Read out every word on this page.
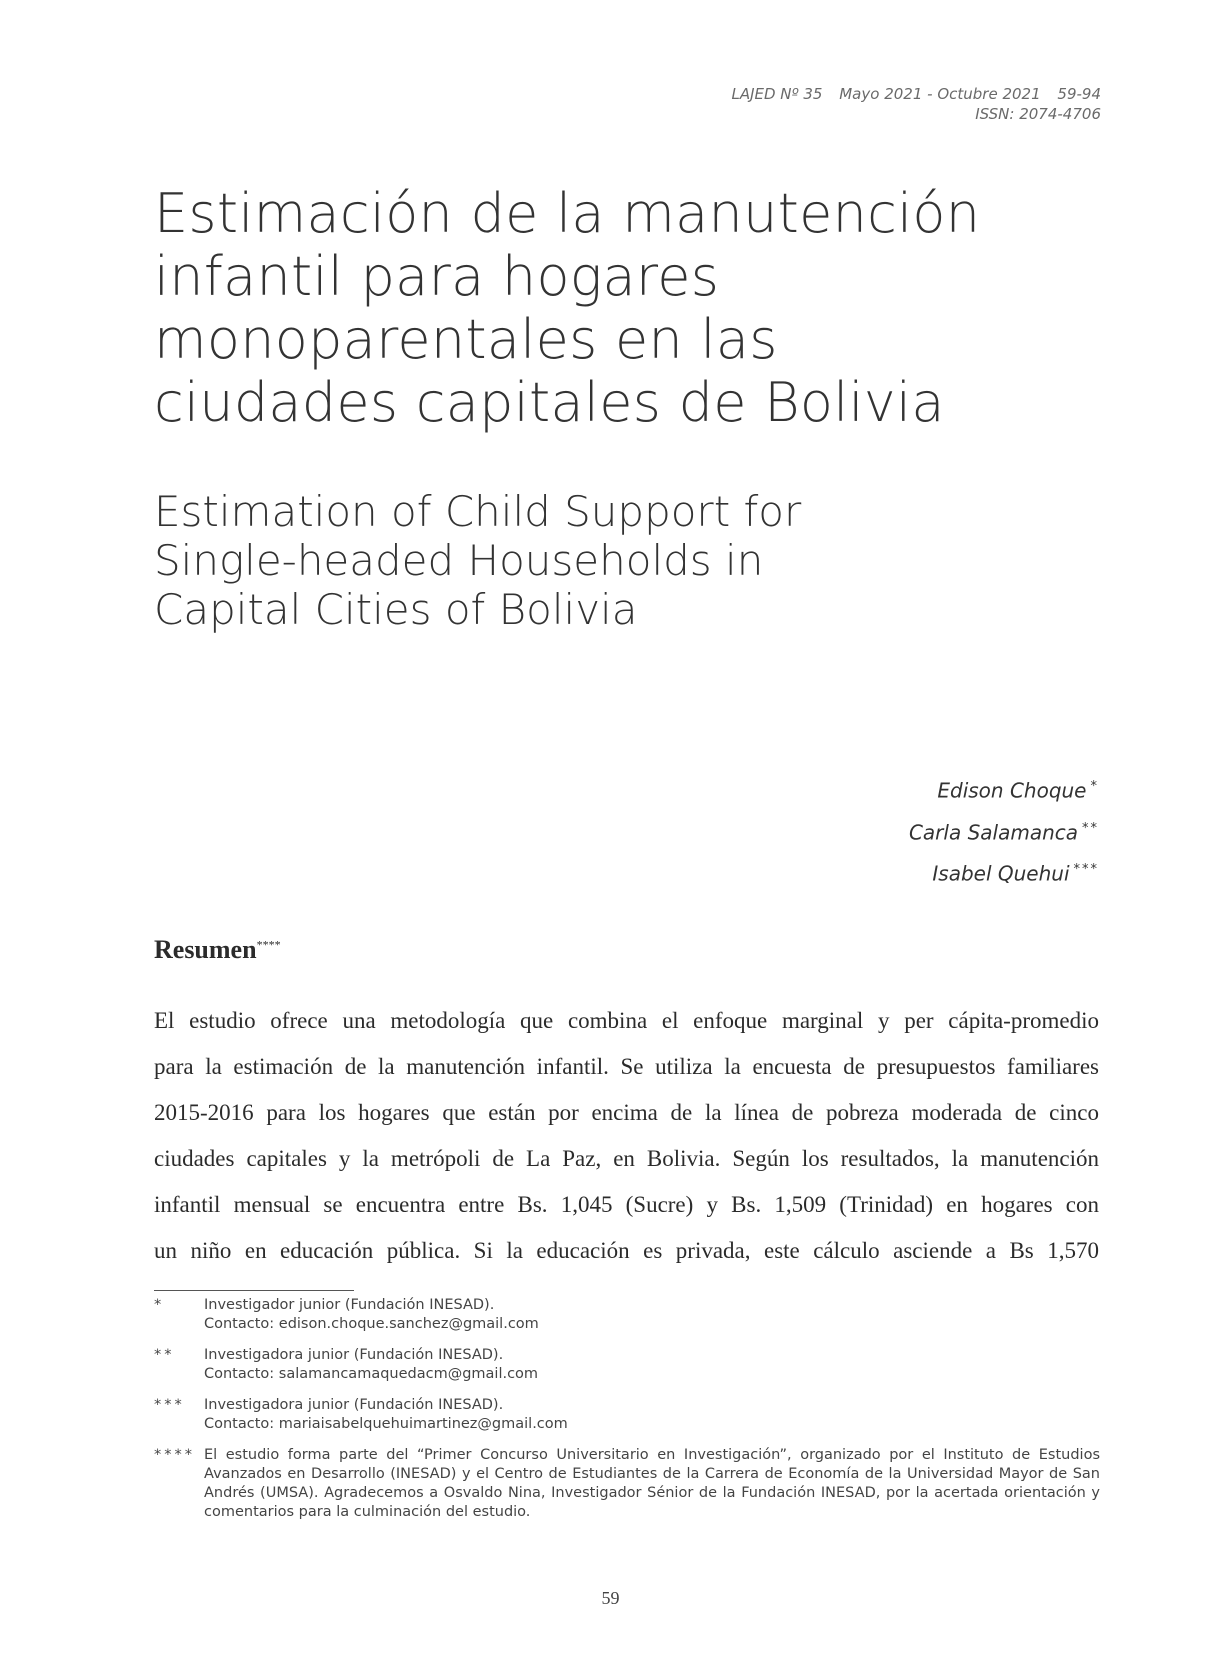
LAJED Nº 35 Mayo 2021 - Octubre 2021 59-94
ISSN: 2074-4706
Estimación de la manutención
infantil para hogares
monoparentales en las
ciudades capitales de Bolivia
Estimation of Child Support for
Single-headed Households in
Capital Cities of Bolivia
Edison Choque *
Carla Salamanca **
Isabel Quehui ***
Resumen****

El estudio ofrece una metodología que combina el enfoque marginal y per cápita-promedio

para la estimación de la manutención infantil. Se utiliza la encuesta de presupuestos familiares

2015-2016 para los hogares que están por encima de la línea de pobreza moderada de cinco

ciudades capitales y la metrópoli de La Paz, en Bolivia. Según los resultados, la manutención

infantil mensual se encuentra entre Bs. 1,045 (Sucre) y Bs. 1,509 (Trinidad) en hogares con

un niño en educación pública. Si la educación es privada, este cálculo asciende a Bs 1,570

*	Investigador junior (Fundación INESAD).
Contacto: edison.choque.sanchez@gmail.com
**	Investigadora junior (Fundación INESAD).
Contacto: salamancamaquedacm@gmail.com
***	Investigadora junior (Fundación INESAD).
Contacto: mariaisabelquehuimartinez@gmail.com
**** El estudio forma parte del “Primer Concurso Universitario en Investigación”, organizado por el Instituto de Estudios Avanzados en Desarrollo (INESAD) y el Centro de Estudiantes de la Carrera de Economía de la Universidad Mayor de San Andrés (UMSA). Agradecemos a Osvaldo Nina, Investigador Sénior de la Fundación INESAD, por la acertada orientación y comentarios para la culminación del estudio.
59
